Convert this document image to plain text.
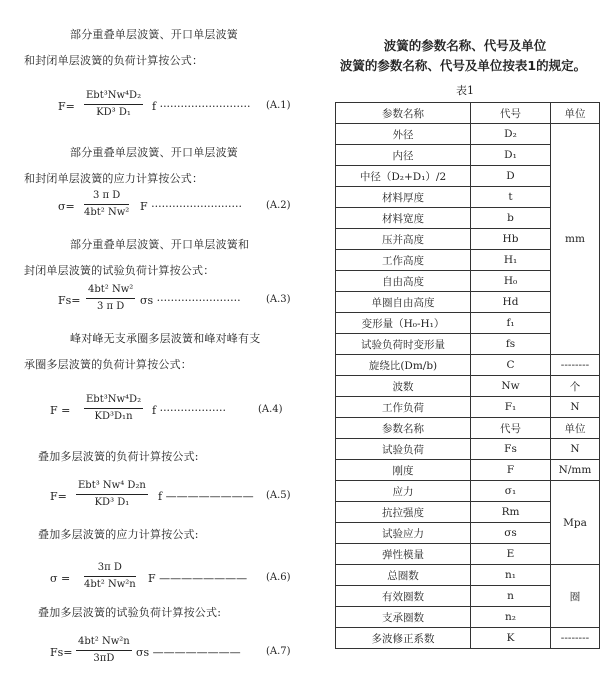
部分重叠单层波簧、开口单层波簧
和封闭单层波簧的负荷计算按公式：
F=
Ebt³Nw⁴D₂
KD³ D₁	f ·························· (A.1)
部分重叠单层波簧、开口单层波簧
和封闭单层波簧的应力计算按公式：
$\sigma= \frac{\text{3 π D}}{\text{4bt² Nw²}}$ F ·························· (A.2)
部分重叠单层波簧、开口单层波簧和
封闭单层波簧的试验负荷计算按公式：
$Fs= \frac{\text{4bt² Nw²}}{\text{3 π D}}$ σs ························	(A.3)
峰对峰无支承圈多层波簧和峰对峰有支
承圈多层波簧的负荷计算按公式：
F =
Ebt³Nw⁴D₂
KD³D₁n	f ···················	(A.4)
叠加多层波簧的负荷计算按公式:
F=
Ebt³ Nw⁴ D₂n
KD³ D₁	f ———————— (A.5)
叠加多层波簧的应力计算按公式:
$\sigma = \frac{\text{3π D}}{\text{4bt² Nw²n}}$ F ———————— (A.6)
叠加多层波簧的试验负荷计算按公式:
$Fs= \frac{\text{4bt² Nw²n}}{3\pi D}$ σs ————————	(A.7)
波簧的参数名称、代号及单位
波簧的参数名称、代号及单位按表1的规定。
表1
参数名称	代号	单位
外径	D₂	mm
内径	D₁	
中径（D₂+D₁）/2	D	
材料厚度	t	
材料宽度	b	
压并高度	Hb	
工作高度	H₁	
自由高度	H₀	
单圈自由高度	Hd	
变形量（H₀-H₁）	f₁	
试验负荷时变形量	fs	
旋绕比(Dm/b)	C	--------
波数	Nw	个
工作负荷	F₁	N
参数名称	代号	单位
试验负荷	Fs	N
刚度	F	N/mm
应力	σ₁	Mpa
抗拉强度	Rm	
试验应力	σs	
弹性模量	E	
总圈数	n₁	圈
有效圈数	n	
支承圈数	n₂	
多波修正系数	K	--------
